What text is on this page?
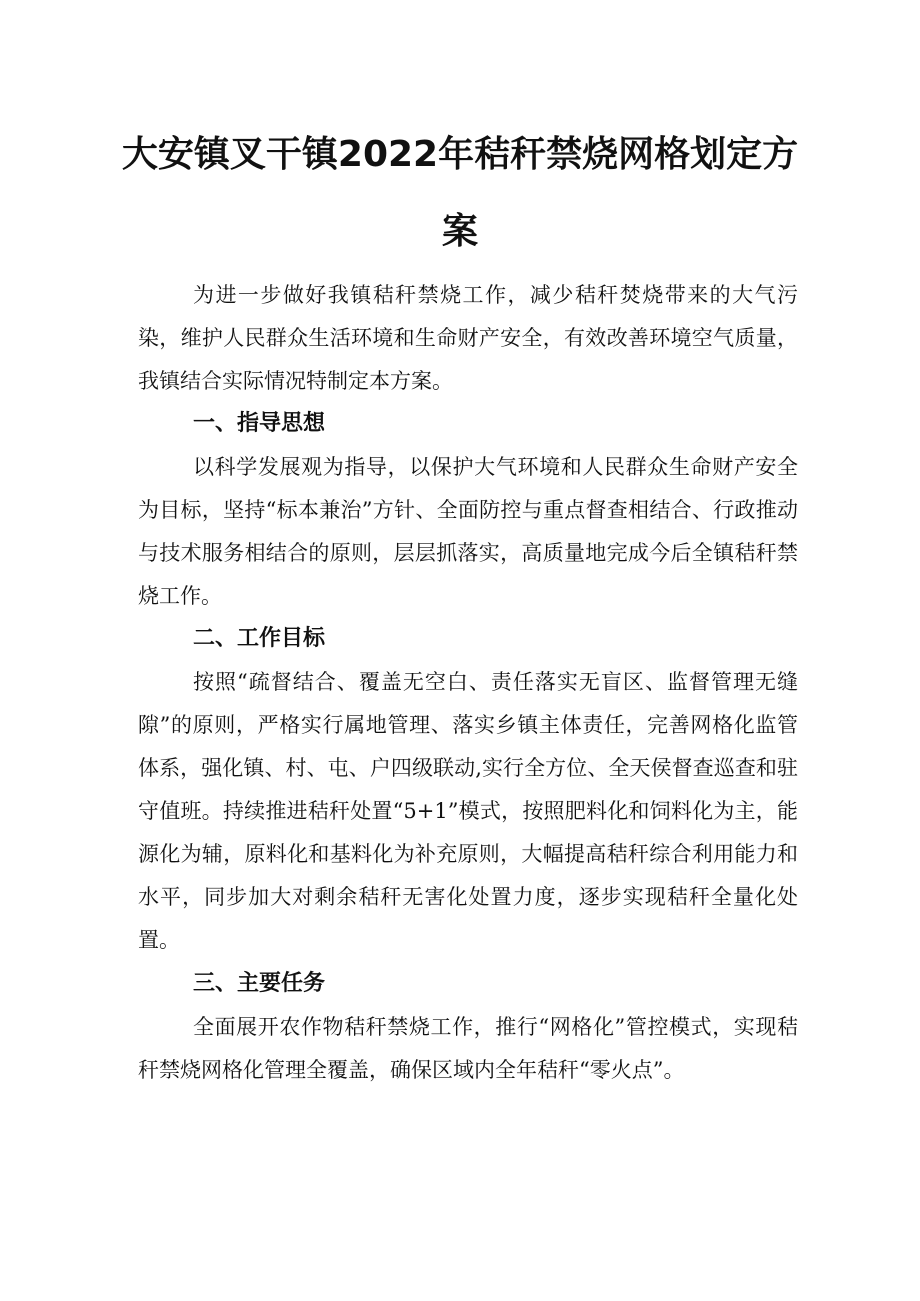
大安镇叉干镇2022年秸秆禁烧网格划定方
案

为进一步做好我镇秸秆禁烧工作，减少秸秆焚烧带来的大气污染，维护人民群众生活环境和生命财产安全，有效改善环境空气质量，我镇结合实际情况特制定本方案。

一、指导思想

以科学发展观为指导，以保护大气环境和人民群众生命财产安全为目标，坚持“标本兼治”方针、全面防控与重点督查相结合、行政推动与技术服务相结合的原则，层层抓落实，高质量地完成今后全镇秸秆禁烧工作。

二、工作目标

按照“疏督结合、覆盖无空白、责任落实无盲区、监督管理无缝隙”的原则，严格实行属地管理、落实乡镇主体责任，完善网格化监管体系，强化镇、村、屯、户四级联动,实行全方位、全天侯督查巡查和驻守值班。持续推进秸秆处置“5+1”模式，按照肥料化和饲料化为主，能源化为辅，原料化和基料化为补充原则，大幅提高秸秆综合利用能力和水平，同步加大对剩余秸秆无害化处置力度，逐步实现秸秆全量化处置。

三、主要任务

全面展开农作物秸秆禁烧工作，推行“网格化”管控模式，实现秸秆禁烧网格化管理全覆盖，确保区域内全年秸秆“零火点”。
